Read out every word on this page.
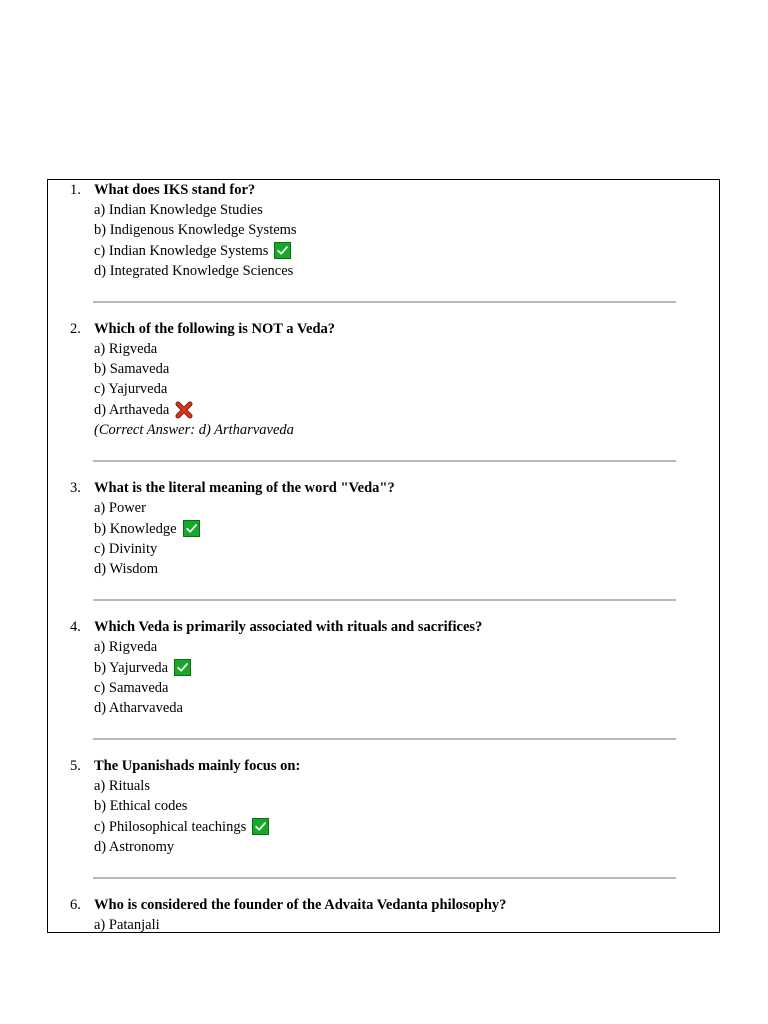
1. What does IKS stand for?
a) Indian Knowledge Studies
b) Indigenous Knowledge Systems
c) Indian Knowledge Systems
d) Integrated Knowledge Sciences
2. Which of the following is NOT a Veda?
a) Rigveda
b) Samaveda
c) Yajurveda
d) Arthaveda
(Correct Answer: d) Artharvaveda
3. What is the literal meaning of the word "Veda"?
a) Power
b) Knowledge
c) Divinity
d) Wisdom
4. Which Veda is primarily associated with rituals and sacrifices?
a) Rigveda
b) Yajurveda
c) Samaveda
d) Atharvaveda
5. The Upanishads mainly focus on:
a) Rituals
b) Ethical codes
c) Philosophical teachings
d) Astronomy
6. Who is considered the founder of the Advaita Vedanta philosophy?
a) Patanjali
